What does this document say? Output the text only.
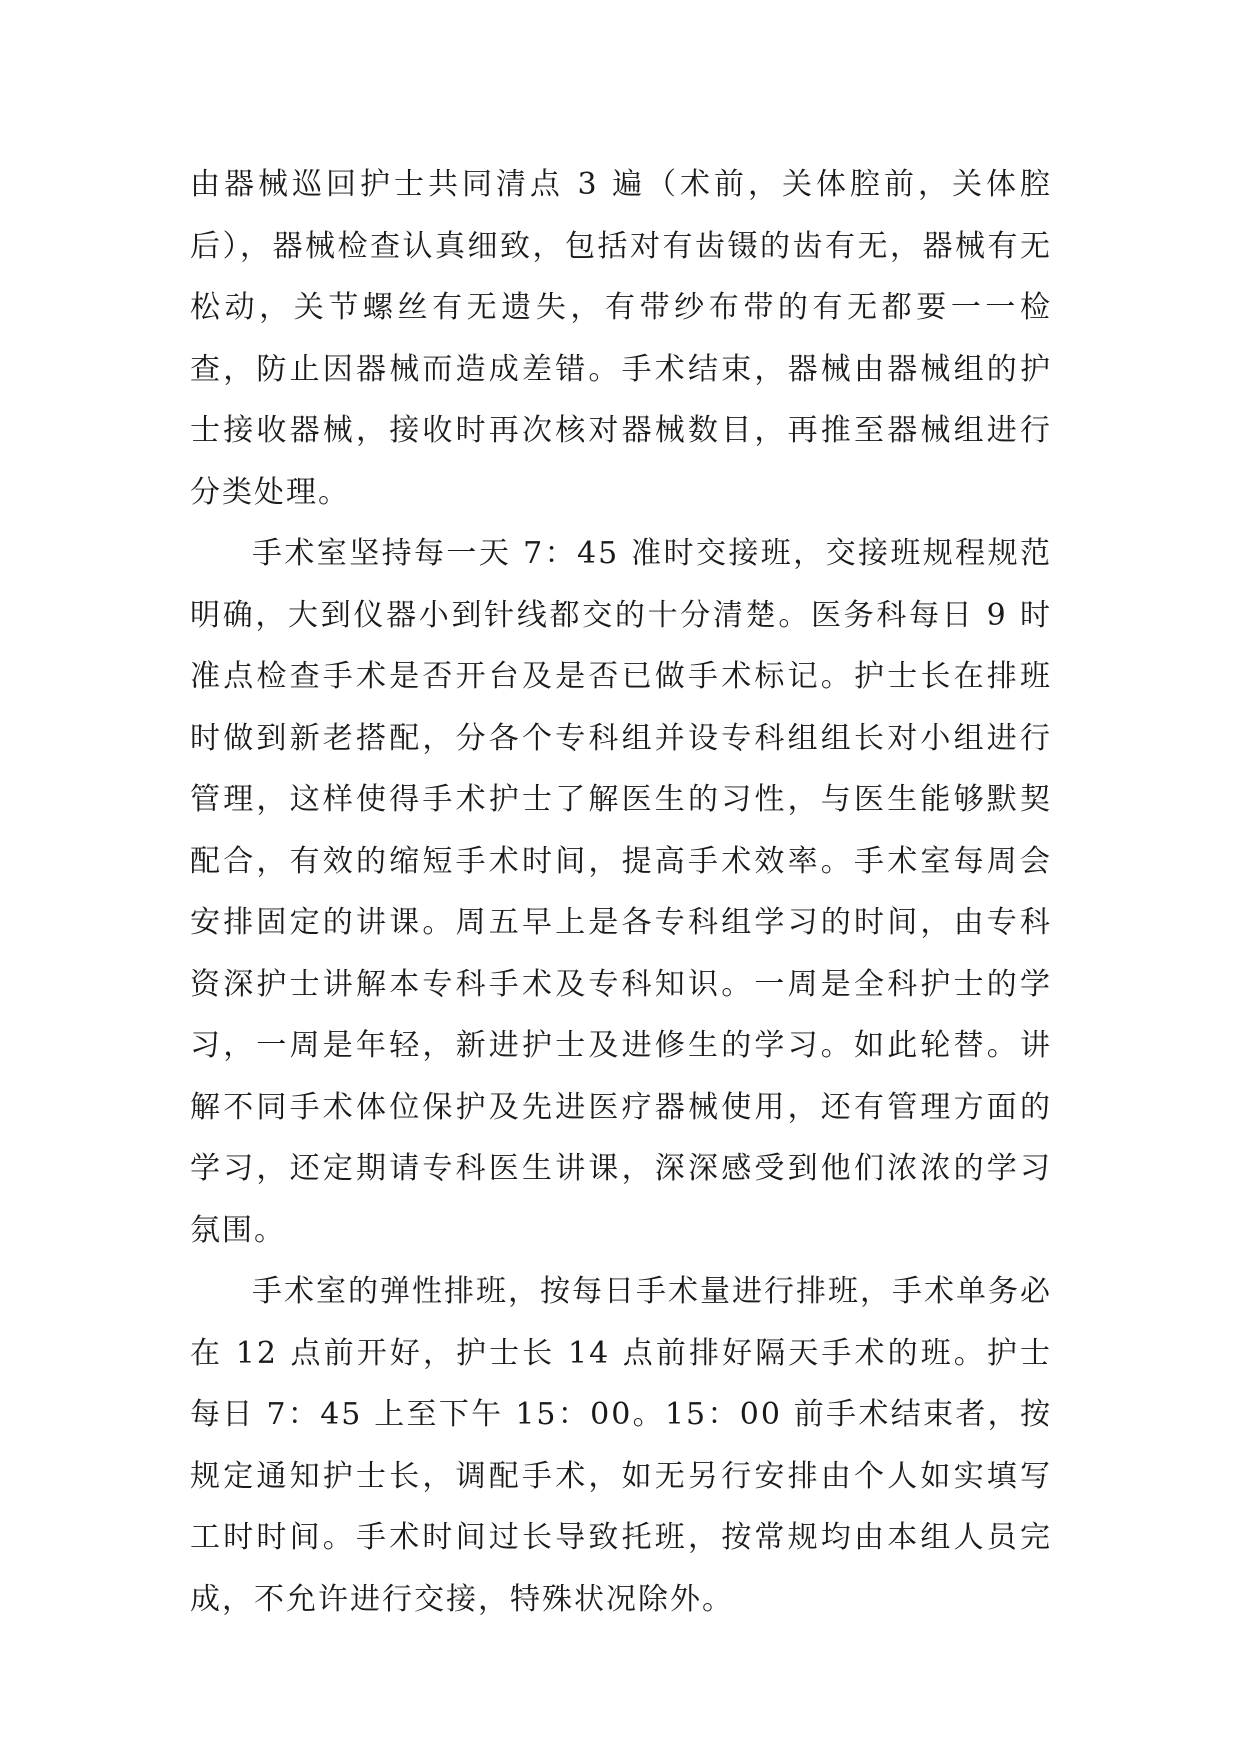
由器械巡回护士共同清点 3 遍（术前，关体腔前，关体腔后），器械检查认真细致，包括对有齿镊的齿有无，器械有无松动，关节螺丝有无遗失，有带纱布带的有无都要一一检查，防止因器械而造成差错。手术结束，器械由器械组的护士接收器械，接收时再次核对器械数目，再推至器械组进行分类处理。

手术室坚持每一天 7：45 准时交接班，交接班规程规范明确，大到仪器小到针线都交的十分清楚。医务科每日 9 时准点检查手术是否开台及是否已做手术标记。护士长在排班时做到新老搭配，分各个专科组并设专科组组长对小组进行管理，这样使得手术护士了解医生的习性，与医生能够默契配合，有效的缩短手术时间，提高手术效率。手术室每周会安排固定的讲课。周五早上是各专科组学习的时间，由专科资深护士讲解本专科手术及专科知识。一周是全科护士的学习，一周是年轻，新进护士及进修生的学习。如此轮替。讲解不同手术体位保护及先进医疗器械使用，还有管理方面的学习，还定期请专科医生讲课，深深感受到他们浓浓的学习氛围。

手术室的弹性排班，按每日手术量进行排班，手术单务必在 12 点前开好，护士长 14 点前排好隔天手术的班。护士每日 7：45 上至下午 15：00。15：00 前手术结束者，按规定通知护士长，调配手术，如无另行安排由个人如实填写工时时间。手术时间过长导致托班，按常规均由本组人员完成，不允许进行交接，特殊状况除外。
